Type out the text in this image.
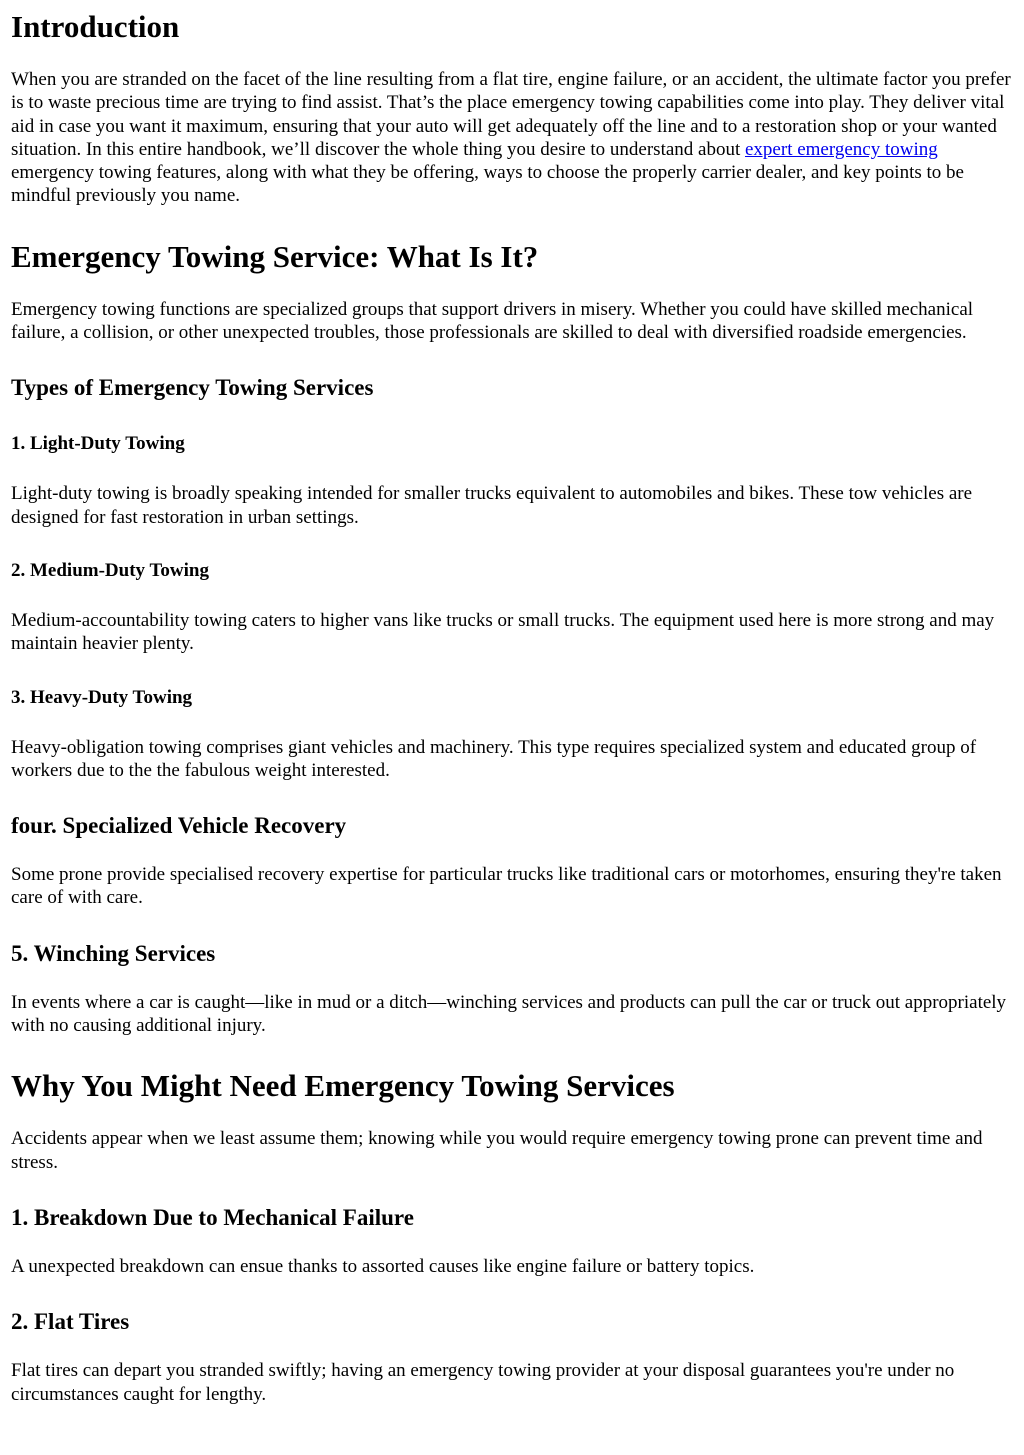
Introduction

When you are stranded on the facet of the line resulting from a flat tire, engine failure, or an accident, the ultimate factor you prefer is to waste precious time are trying to find assist. That’s the place emergency towing capabilities come into play. They deliver vital aid in case you want it maximum, ensuring that your auto will get adequately off the line and to a restoration shop or your wanted situation. In this entire handbook, we’ll discover the whole thing you desire to understand about expert emergency towing emergency towing features, along with what they be offering, ways to choose the properly carrier dealer, and key points to be mindful previously you name.

Emergency Towing Service: What Is It?

Emergency towing functions are specialized groups that support drivers in misery. Whether you could have skilled mechanical failure, a collision, or other unexpected troubles, those professionals are skilled to deal with diversified roadside emergencies.

Types of Emergency Towing Services
1. Light-Duty Towing

Light-duty towing is broadly speaking intended for smaller trucks equivalent to automobiles and bikes. These tow vehicles are designed for fast restoration in urban settings.

2. Medium-Duty Towing

Medium-accountability towing caters to higher vans like trucks or small trucks. The equipment used here is more strong and may maintain heavier plenty.

3. Heavy-Duty Towing

Heavy-obligation towing comprises giant vehicles and machinery. This type requires specialized system and educated group of workers due to the the fabulous weight interested.

four. Specialized Vehicle Recovery

Some prone provide specialised recovery expertise for particular trucks like traditional cars or motorhomes, ensuring they're taken care of with care.

5. Winching Services

In events where a car is caught—like in mud or a ditch—winching services and products can pull the car or truck out appropriately with no causing additional injury.

Why You Might Need Emergency Towing Services

Accidents appear when we least assume them; knowing while you would require emergency towing prone can prevent time and stress.

1. Breakdown Due to Mechanical Failure

A unexpected breakdown can ensue thanks to assorted causes like engine failure or battery topics.

2. Flat Tires

Flat tires can depart you stranded swiftly; having an emergency towing provider at your disposal guarantees you're under no circumstances caught for lengthy.
